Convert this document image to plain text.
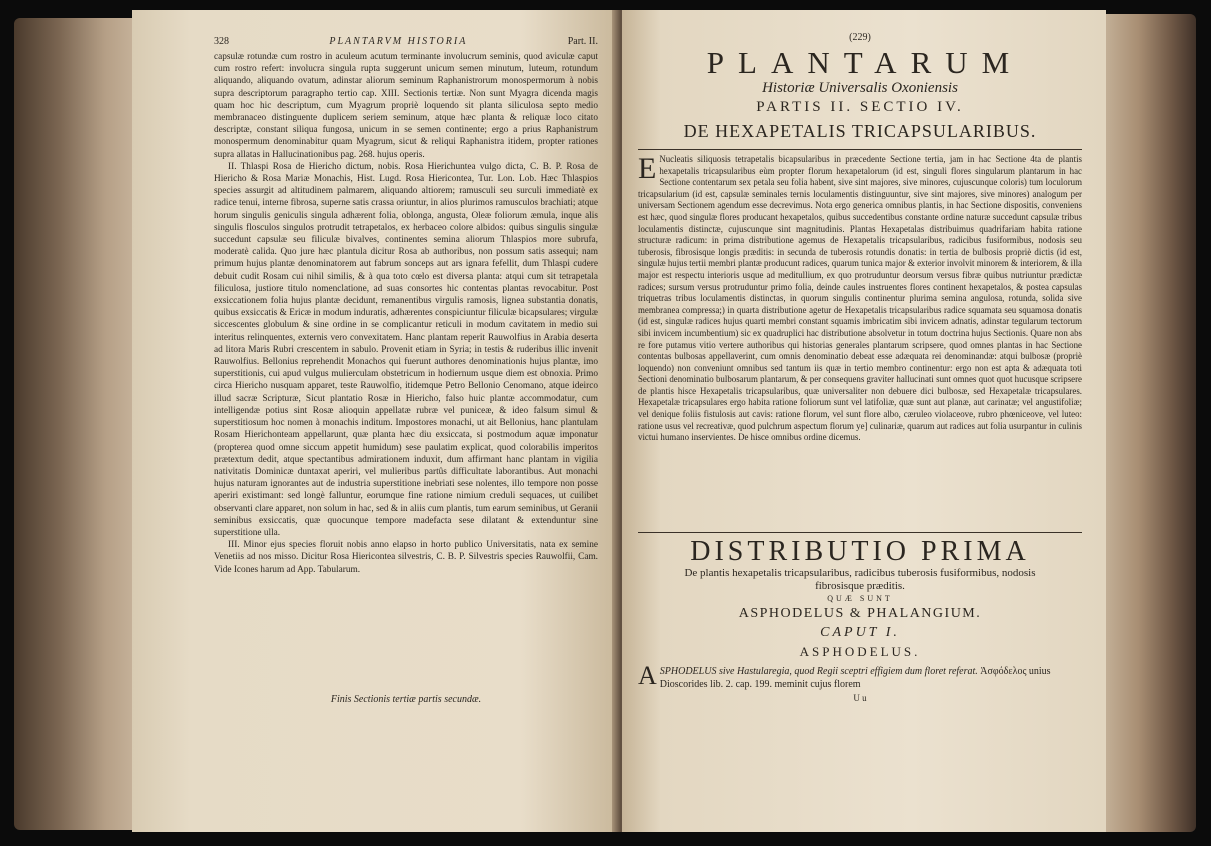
328	PLANTARVM HISTORIA	Part. II.

capsulæ rotundæ cum rostro in aculeum acutum terminante involucrum seminis, quod aviculæ caput cum rostro refert: involucra singula rupta suggerunt unicum semen minutum, luteum, rotundum aliquando, aliquando ovatum, adinstar aliorum seminum Raphanistrorum monospermorum à nobis supra descriptorum paragrapho tertio cap. XIII. Sectionis tertiæ. Non sunt Myagra dicenda magis quam hoc hic descriptum, cum Myagrum propriè loquendo sit planta siliculosa septo medio membranaceo distinguente duplicem seriem seminum, atque hæc planta & reliquæ loco citato descriptæ, constant siliqua fungosa, unicum in se semen continente; ergo a prius Raphanistrum monospermum denominabitur quam Myagrum, sicut & reliqui Raphanistra itidem, propter rationes supra allatas in Hallucinationibus pag. 268. hujus operis.

II. Thlaspi Rosa de Hiericho dictum, nobis. Rosa Hierichuntea vulgo dicta, C. B. P. Rosa de Hiericho & Rosa Mariæ Monachis, Hist. Lugd. Rosa Hiericontea, Tur. Lon. Lob. Hæc Thlaspios species assurgit ad altitudinem palmarem, aliquando altiorem; ramusculi seu surculi immediatè ex radice tenui, interne fibrosa, superne satis crassa oriuntur, in alios plurimos ramusculos brachiati; atque horum singulis geniculis singula adhærent folia, oblonga, angusta, Oleæ foliorum æmula, inque alis singulis flosculos singulos protrudit tetrapetalos, ex herbaceo colore albidos: quibus singulis singulæ succedunt capsulæ seu filiculæ bivalves, continentes semina aliorum Thlaspios more subrufa, moderatè calida. Quo jure hæc plantula dicitur Rosa ab authoribus, non possum satis assequi; nam primum hujus plantæ denominatorem aut fabrum sonceps aut ars ignara fefellit, dum Thlaspi cudere debuit cudit Rosam cui nihil similis, & à qua toto cœlo est diversa planta: atqui cum sit tetrapetala filiculosa, justiore titulo nomenclatione, ad suas consortes hic contentas plantas revocabitur. Post exsiccationem folia hujus plantæ decidunt, remanentibus virgulis ramosis, lignea substantia donatis, quibus exsiccatis & Ericæ in modum induratis, adhærentes conspiciuntur filiculæ bicapsulares; virgulæ siccescentes globulum & sine ordine in se complicantur reticuli in modum cavitatem in medio sui interitus relinquentes, externis vero convexitatem. Hanc plantam reperit Rauwolfius in Arabia deserta ad litora Maris Rubri crescentem in sabulo. Provenit etiam in Syria; in testis & ruderibus illic invenit Rauwolfius. Bellonius reprehendit Monachos qui fuerunt authores denominationis hujus plantæ, imo superstitionis, cui apud vulgus mulierculam obstetricum in hodiernum usque diem est obnoxia. Primo circa Hiericho nusquam apparet, teste Rauwolfio, itidemque Petro Bellonio Cenomano, atque ideirco illud sacræ Scripturæ, Sicut plantatio Rosæ in Hiericho, falso huic plantæ accommodatur, cum intelligendæ potius sint Rosæ alioquin appellatæ rubræ vel puniceæ, & ideo falsum simul & superstitiosum hoc nomen à monachis inditum. Impostores monachi, ut ait Bellonius, hanc plantulam Rosam Hierichonteam appellarunt, quæ planta hæc diu exsiccata, si postmodum aquæ imponatur (propterea quod omne siccum appetit humidum) sese paulatim explicat, quod colorabilis imperitos prætextum dedit, atque spectantibus admirationem induxit, dum affirmant hanc plantam in vigilia nativitatis Dominicæ duntaxat aperiri, vel mulieribus partûs difficultate laborantibus. Aut monachi hujus naturam ignorantes aut de industria superstitione inebriati sese nolentes, illo tempore non posse aperiri existimant: sed longè falluntur, eorumque fine ratione nimium creduli sequaces, ut cuilibet observanti clare apparet, non solum in hac, sed & in aliis cum plantis, tum earum seminibus, ut Geranii seminibus exsiccatis, quæ quocunque tempore madefacta sese dilatant & extenduntur sine superstitione ulla.

III. Minor ejus species floruit nobis anno elapso in horto publico Universitatis, nata ex semine Venetiis ad nos misso. Dicitur Rosa Hiericontea silvestris, C. B. P. Silvestris species Rauwolfii, Cam. Vide Icones harum ad App. Tabularum.

Finis Sectionis tertiæ partis secundæ.
(229)
PLANTARUM
Historiæ Universalis Oxoniensis
PARTIS II. SECTIO IV.
DE HEXAPETALIS TRICAPSULARIBUS.
E Nucleatis siliquosis tetrapetalis bicapsularibus in præcedente Sectione tertia, jam in hac Sectione 4ta de plantis hexapetalis tricapsularibus eùm propter florum hexapetalorum (id est, singuli flores singularum plantarum in hac Sectione contentarum sex petala seu folia habent, sive sint majores, sive minores, cujuscunque coloris) tum loculorum tricapsularium (id est, capsulæ seminales ternis loculamentis distinguuntur, sive sint majores, sive minores) analogum per universam Sectionem agendum esse decrevimus. Nota ergo generica omnibus plantis, in hac Sectione dispositis, conveniens est hæc, quod singulæ flores producant hexapetalos, quibus succedentibus constante ordine naturæ succedunt capsulæ tribus loculamentis distinctæ, cujuscunque sint magnitudinis. Plantas Hexapetalas distribuimus quadrifariam habita ratione structuræ radicum: in prima distributione agemus de Hexapetalis tricapsularibus, radicibus fusiformibus, nodosis seu tuberosis, fibrosisque longis præditis: in secunda de tuberosis rotundis donatis: in tertia de bulbosis propriè dictis (id est, singulæ hujus tertii membri plantæ producunt radices, quarum tunica major & exterior involvit minorem & interiorem, & illa major est respectu interioris usque ad meditullium, ex quo protruduntur deorsum versus fibræ quibus nutriuntur prædictæ radices; sursum versus protruduntur primo folia, deinde caules instruentes flores continent hexapetalos, & postea capsulas triquetras tribus loculamentis distinctas, in quorum singulis continentur plurima semina angulosa, rotunda, solida sive membranea compressa;) in quarta distributione agetur de Hexapetalis tricapsularibus radice squamata seu squamosa donatis (id est, singulæ radices hujus quarti membri constant squamis imbricatim sibi invicem adnatis, adinstar tegularum tectorum sibi invicem incumbentium) sic ex quadruplici hac distributione absolvetur in totum doctrina hujus Sectionis. Quare non abs re fore putamus vitio vertere authoribus qui historias generales plantarum scripsere, quod omnes plantas in hac Sectione contentas bulbosas appellaverint, cum omnis denominatio debeat esse adæquata rei denominandæ: atqui bulbosæ (propriè loquendo) non conveniunt omnibus sed tantum iis quæ in tertio membro continentur: ergo non est apta & adæquata toti Sectioni denominatio bulbosarum plantarum, & per consequens graviter hallucinati sunt omnes quot quot hucusque scripsere de plantis hisce Hexapetalis tricapsularibus, quæ universaliter non debuere dici bulbosæ, sed Hexapetalæ tricapsulares. Hexapetalæ tricapsulares ergo habita ratione foliorum sunt vel latifoliæ, quæ sunt aut planæ, aut carinatæ; vel angustifoliæ; vel denique foliis fistulosis aut cavis: ratione florum, vel sunt flore albo, cæruleo violaceove, rubro phœniceove, vel luteo: ratione usus vel recreativæ, quod pulchrum aspectum florum ye] culinariæ, quarum aut radices aut folia usurpantur in culinis victui humano inservientes. De hisce omnibus ordine dicemus.
DISTRIBUTIO PRIMA
De plantis hexapetalis tricapsularibus, radicibus tuberosis fusiformibus, nodosis fibrosisque præditis.
QUÆ SUNT
ASPHODELUS & PHALANGIUM.
CAPUT I.
ASPHODELUS.
A SPHODELUS sive Hastularegia, quod Regii sceptri effigiem dum floret referat. Ἀσφόδελος unius Dioscorides lib. 2. cap. 199. meminit cujus florem
U u
